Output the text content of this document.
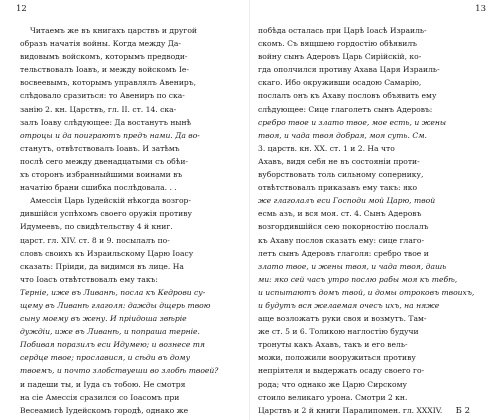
12
Читаемъ же въ книгахъ царствъ и другой
образъ начатія войны. Когда между Да-
видовымъ войскомъ, которымъ предводи-
тельствовалъ Іоавъ, и между войскомъ Іе-
восвеевымъ, которымъ управлялъ Авениръ,
слѣдовало сразиться: то Авениръ по ска-
занію 2. кн. Царствъ, гл. II. ст. 14. ска-
залъ Іоаву слѣдующее: Да востанутъ нынѣ
отроцы и да поиграютъ предъ нами. Да во-
станутъ, отвѣтствовалъ Іоавъ. И затѣмъ
послѣ сего между двенадцатыми съ обѣи-
хъ сторонъ избранныйшими воинами въ
начатію брани сшибка послѣдовала. . .
Амессія Царь Іудейскій нѣкогда возгор-
дившійся успѣхомъ своего оружія противу
Идумеевъ, по свидѣтельству 4 й книг.
царст. гл. XIV. ст. 8 и 9. посылалъ по-
словъ своихъ къ Израильскому Царю Іоасу
сказать: Пріиди, да видимся въ лице. На
что Іоасъ отвѣтствовалъ ему такъ:
Терніе, иже въ Ливанѣ, посла къ Кедрови су-
щему въ Ливанѣ глаголя: дажды дщерь твою
сыну моему въ жену. И пріидоша звѣріе
дуждіи, иже въ Ливанѣ, и попраша терніе.
Побивая поразилъ еси Идумею; и вознесе тя
сердце твое; прославися, и сѣди въ дому
твоемъ, и почто злобствуеши во злобѣ твоей?
и падеши ты, и Іуда съ тобою. Не смотря
на сіе Амессія сразился со Іоасомъ при
Весеамисѣ Іудейскомъ городѣ, однако же
13
побѣда осталась при Царѣ Іоасѣ Израиль-
скомъ. Съ вящшею гордостію обѣявилъ
войну сынъ Адеровъ Царь Сирійскій, ко-
гда ополчился противу Ахава Царя Израиль-
скаго. Ибо окруживши осадою Самарію,
послалъ онъ къ Ахаву пословъ объявить ему
слѣдующее: Сице глаголетъ сынъ Адеровъ:
сребро твое и злато твое, мое есть, и жены
твоя, и чада твоя добрая, моя суть. См.
3. царств. кн. XX. ст. 1 и 2. На что
Ахавъ, видя себя не въ состояніи проти-
вуборствовать толь сильному сопернику,
отвѣтствовалъ приказавъ ему такъ: яко
же глаголалъ еси Господи мой Царю, твой
есмь азъ, и вся моя. ст. 4. Сынъ Адеровъ
возгордившійся сею покорностію послалъ
къ Ахаву послов сказать ему: сице глаго-
летъ сынъ Адеровъ глаголя: сребро твое и
злато твое, и жены твоя, и чада твоя, дашь
ми: яко сей часъ утро послю рабы моя къ тебѣ,
и испытаютъ домъ твой, и домы отроковъ твоихъ,
и будутъ вся желаемая очесъ ихъ, на няже
аще возложатъ руки своя и возмутъ. Там-
же ст. 5 и 6. Толикою наглостію будучи
тронуты какъ Ахавъ, такъ и его вель-
можи, положили вооружиться противу
непріятеля и выдержать осаду своего го-
рода; что однако же Царю Сирскому
стоило великаго урона. Смотри 2 кн.
Царствъ и 2 й книги Паралипомен. гл. XXXIV.	Б 2
